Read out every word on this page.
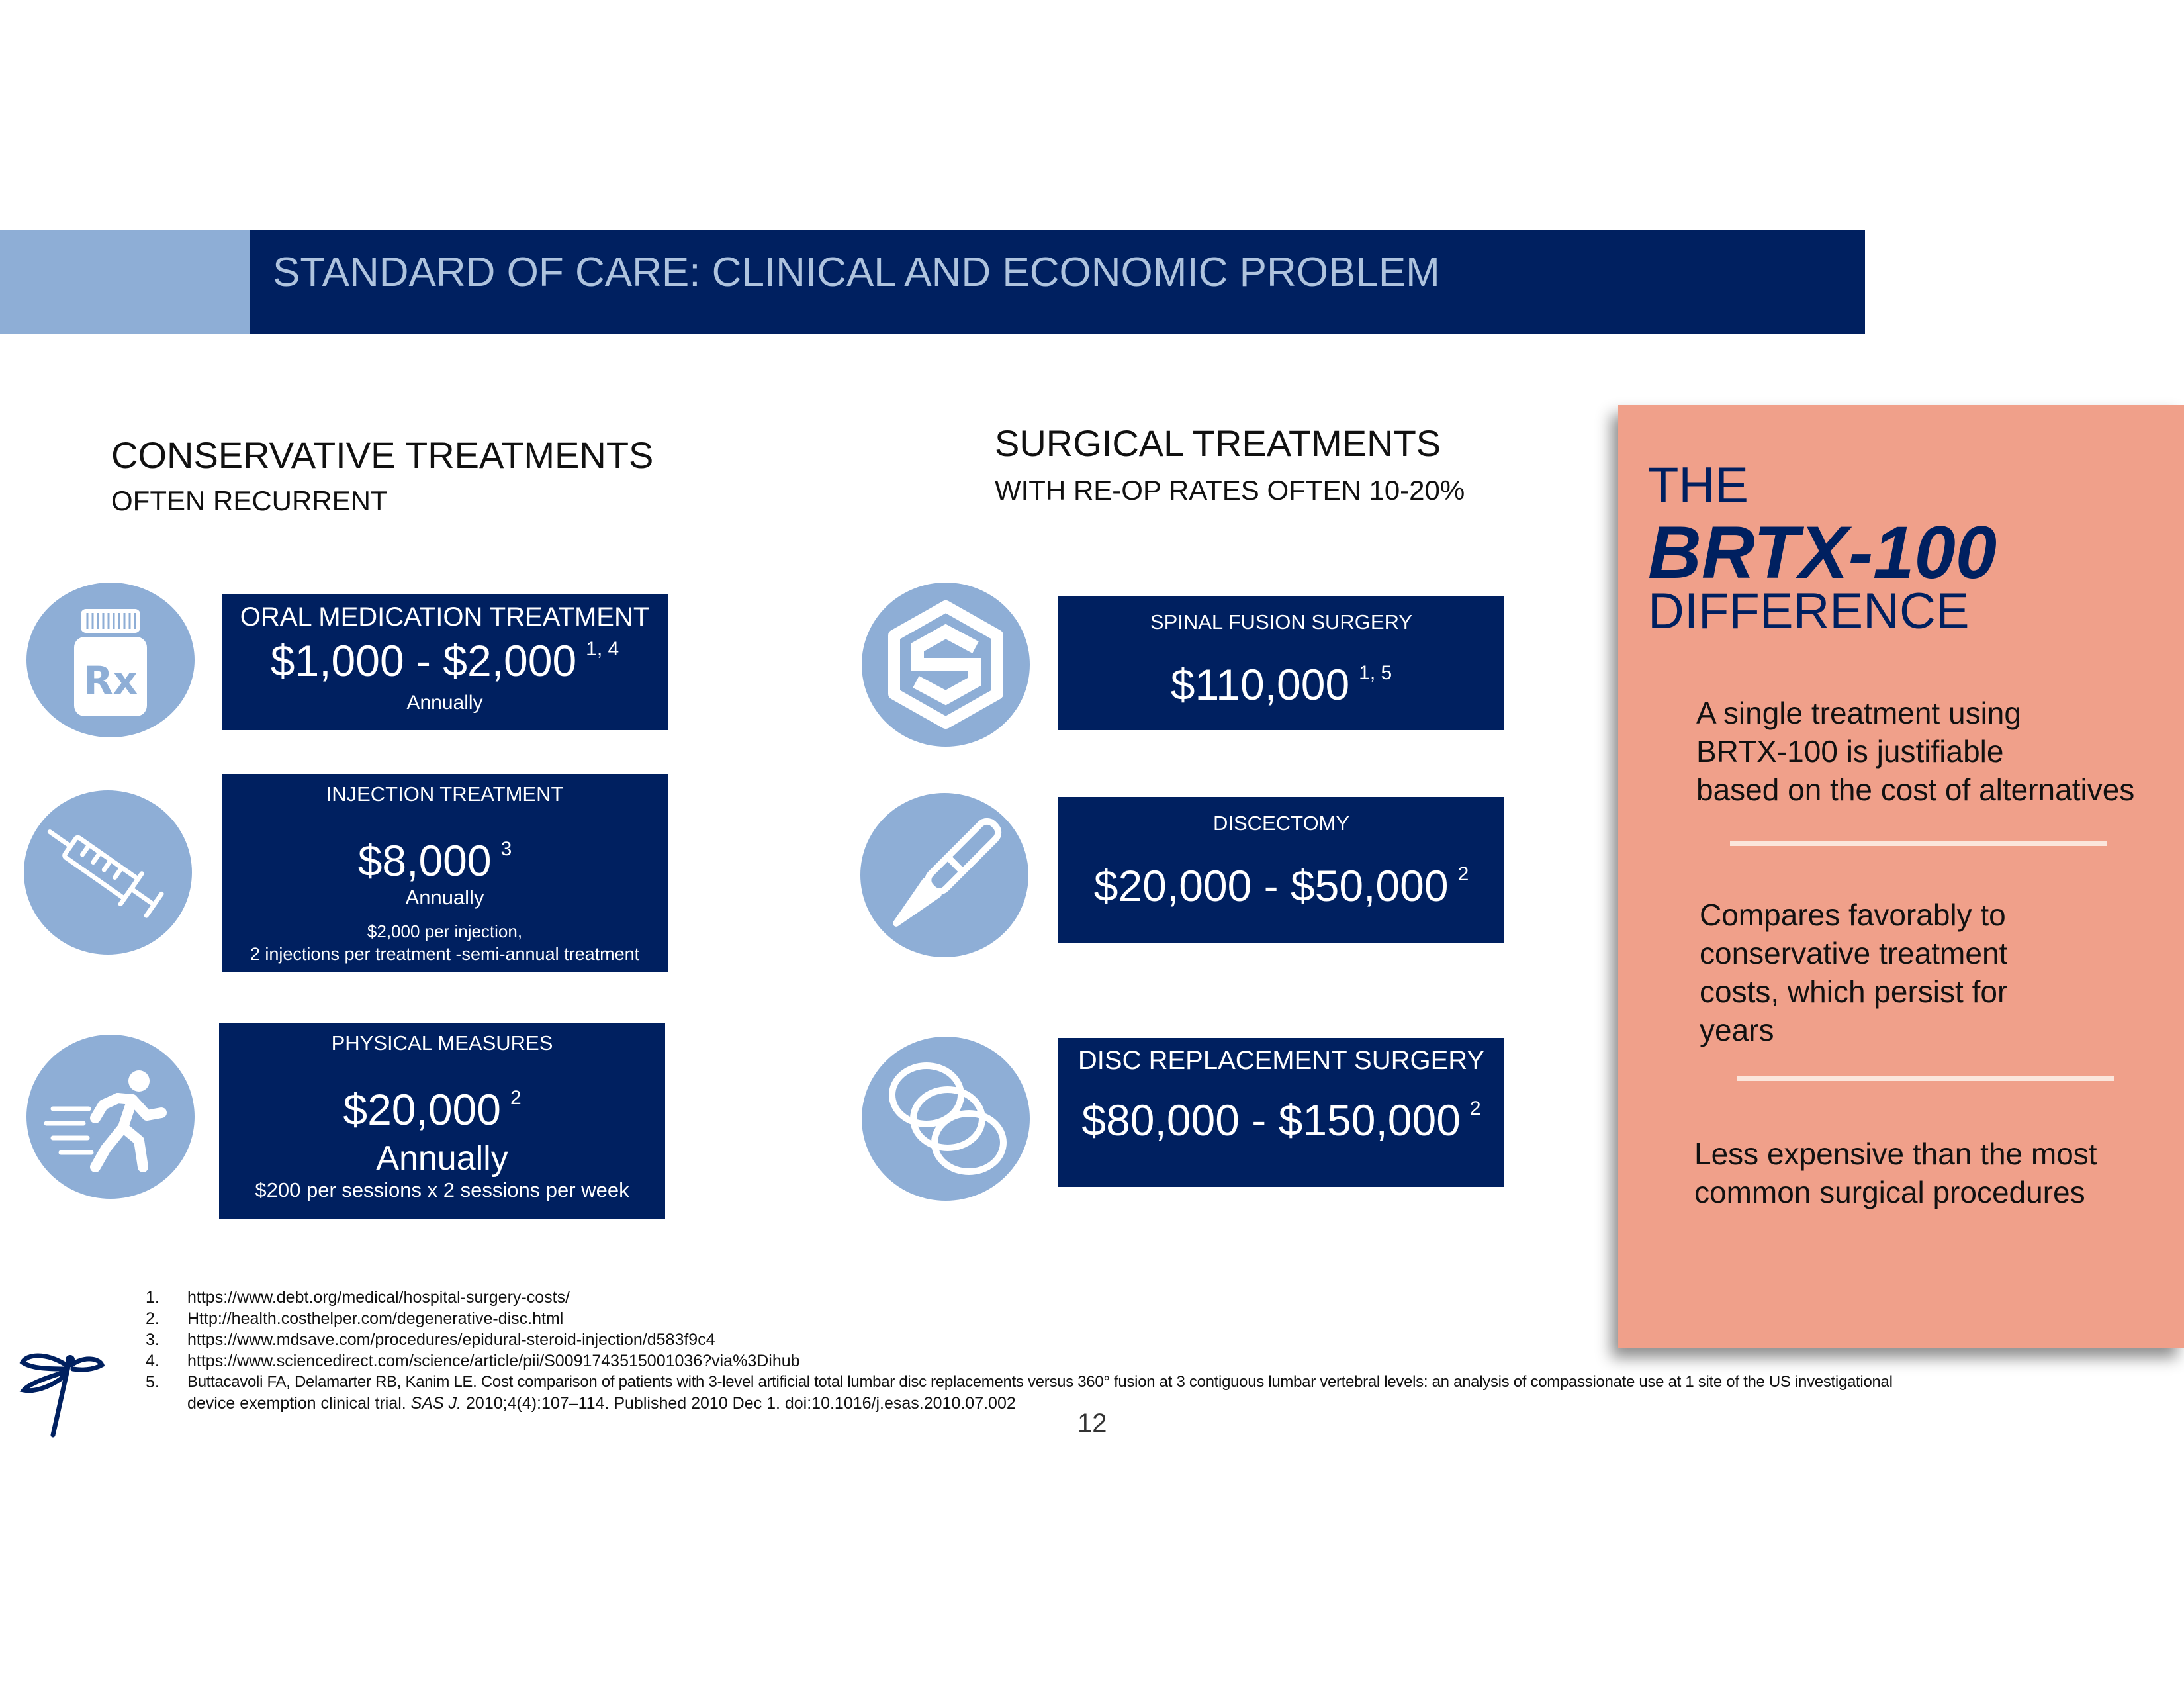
STANDARD OF CARE: CLINICAL AND ECONOMIC PROBLEM
CONSERVATIVE TREATMENTS
OFTEN RECURRENT
SURGICAL TREATMENTS
WITH RE-OP RATES OFTEN 10-20%
Rx
ORAL MEDICATION TREATMENT
$1,000 - $2,000 $^{1, 4}$
Annually
INJECTION TREATMENT
$8,000 $^3$
Annually
$2,000 per injection,
2 injections per treatment -semi-annual treatment
PHYSICAL MEASURES
$20,000 $^2$
Annually
$200 per sessions x 2 sessions per week
SPINAL FUSION SURGERY
$110,000 $^{1, 5}$
DISCECTOMY
$20,000 - $50,000 $^2$
DISC REPLACEMENT SURGERY
$80,000 - $150,000 $^2$
THE
BRTX-100
DIFFERENCE
A single treatment using
BRTX-100 is justifiable
based on the cost of alternatives
Compares favorably to
conservative treatment
costs, which persist for
years
Less expensive than the most
common surgical procedures
1.	https://www.debt.org/medical/hospital-surgery-costs/
2.	Http://health.costhelper.com/degenerative-disc.html
3.	https://www.mdsave.com/procedures/epidural-steroid-injection/d583f9c4
4.	https://www.sciencedirect.com/science/article/pii/S0091743515001036?via%3Dihub
5.	Buttacavoli FA, Delamarter RB, Kanim LE. Cost comparison of patients with 3-level artificial total lumbar disc replacements versus 360° fusion at 3 contiguous lumbar vertebral levels: an analysis of compassionate use at 1 site of the US investigational
device exemption clinical trial. SAS J. 2010;4(4):107–114. Published 2010 Dec 1. doi:10.1016/j.esas.2010.07.002
12
